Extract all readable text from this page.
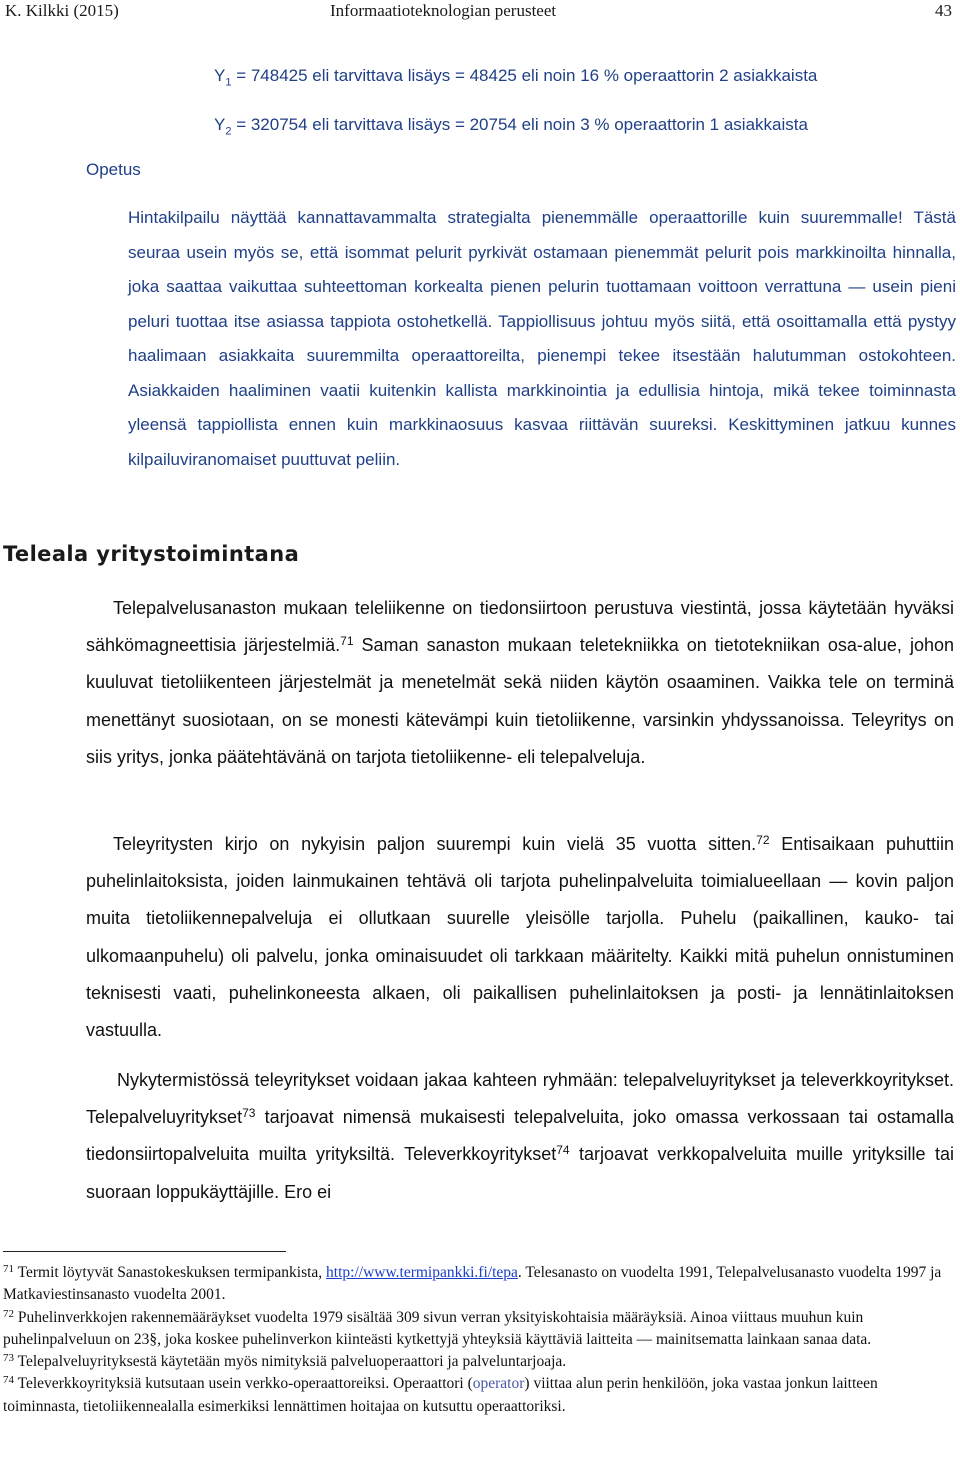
K. Kilkki (2015)	Informaatioteknologian perusteet	43
$Y_1 = 748425$ eli tarvittava lisäys = 48425 eli noin 16 % operaattorin 2 asiakkaista
$Y_2 = 320754$ eli tarvittava lisäys = 20754 eli noin 3 % operaattorin 1 asiakkaista
Opetus
Hintakilpailu näyttää kannattavammalta strategialta pienemmälle operaattorille kuin suuremmalle! Tästä seuraa usein myös se, että isommat pelurit pyrkivät ostamaan pienemmät pelurit pois markkinoilta hinnalla, joka saattaa vaikuttaa suhteettoman korkealta pienen pelurin tuottamaan voittoon verrattuna — usein pieni peluri tuottaa itse asiassa tappiota ostohetkellä. Tappiollisuus johtuu myös siitä, että osoittamalla että pystyy haalimaan asiakkaita suuremmilta operaattoreilta, pienempi tekee itsestään halutumman ostokohteen. Asiakkaiden haaliminen vaatii kuitenkin kallista markkinointia ja edullisia hintoja, mikä tekee toiminnasta yleensä tappiollista ennen kuin markkinaosuus kasvaa riittävän suureksi. Keskittyminen jatkuu kunnes kilpailuviranomaiset puuttuvat peliin.
Teleala yritystoimintana
Telepalvelusanaston mukaan teleliikenne on tiedonsiirtoon perustuva viestintä, jossa käytetään hyväksi sähkömagneettisia järjestelmiä.$^{71}$ Saman sanaston mukaan teletekniikka on tietotekniikan osa-alue, johon kuuluvat tietoliikenteen järjestelmät ja menetelmät sekä niiden käytön osaaminen. Vaikka tele on terminä menettänyt suosiotaan, on se monesti kätevämpi kuin tietoliikenne, varsinkin yhdyssanoissa. Teleyritys on siis yritys, jonka päätehtävänä on tarjota tietoliikenne- eli telepalveluja.
Teleyritysten kirjo on nykyisin paljon suurempi kuin vielä 35 vuotta sitten.$^{72}$ Entisaikaan puhuttiin puhelinlaitoksista, joiden lainmukainen tehtävä oli tarjota puhelinpalveluita toimialueellaan — kovin paljon muita tietoliikennepalveluja ei ollutkaan suurelle yleisölle tarjolla. Puhelu (paikallinen, kauko- tai ulkomaanpuhelu) oli palvelu, jonka ominaisuudet oli tarkkaan määritelty. Kaikki mitä puhelun onnistuminen teknisesti vaati, puhelinkoneesta alkaen, oli paikallisen puhelinlaitoksen ja posti- ja lennätinlaitoksen vastuulla.
Nykytermistössä teleyritykset voidaan jakaa kahteen ryhmään: telepalveluyritykset ja televerkkoyritykset. Telepalveluyritykset$^{73}$ tarjoavat nimensä mukaisesti telepalveluita, joko omassa verkossaan tai ostamalla tiedonsiirtopalveluita muilta yrityksiltä. Televerkkoyritykset$^{74}$ tarjoavat verkkopalveluita muille yrityksille tai suoraan loppukäyttäjille. Ero ei

$^{71}$ Termit löytyvät Sanastokeskuksen termipankista, http://www.termipankki.fi/tepa. Telesanasto on vuodelta 1991, Telepalvelusanasto vuodelta 1997 ja Matkaviestinsanasto vuodelta 2001.

$^{72}$ Puhelinverkkojen rakennemääräykset vuodelta 1979 sisältää 309 sivun verran yksityiskohtaisia määräyksiä. Ainoa viittaus muuhun kuin puhelinpalveluun on 23§, joka koskee puhelinverkon kiinteästi kytkettyjä yhteyksiä käyttäviä laitteita — mainitsematta lainkaan sanaa data.

$^{73}$ Telepalveluyrityksestä käytetään myös nimityksiä palveluoperaattori ja palveluntarjoaja.

$^{74}$ Televerkkoyrityksiä kutsutaan usein verkko-operaattoreiksi. Operaattori (operator) viittaa alun perin henkilöön, joka vastaa jonkun laitteen toiminnasta, tietoliikennealalla esimerkiksi lennättimen hoitajaa on kutsuttu operaattoriksi.
